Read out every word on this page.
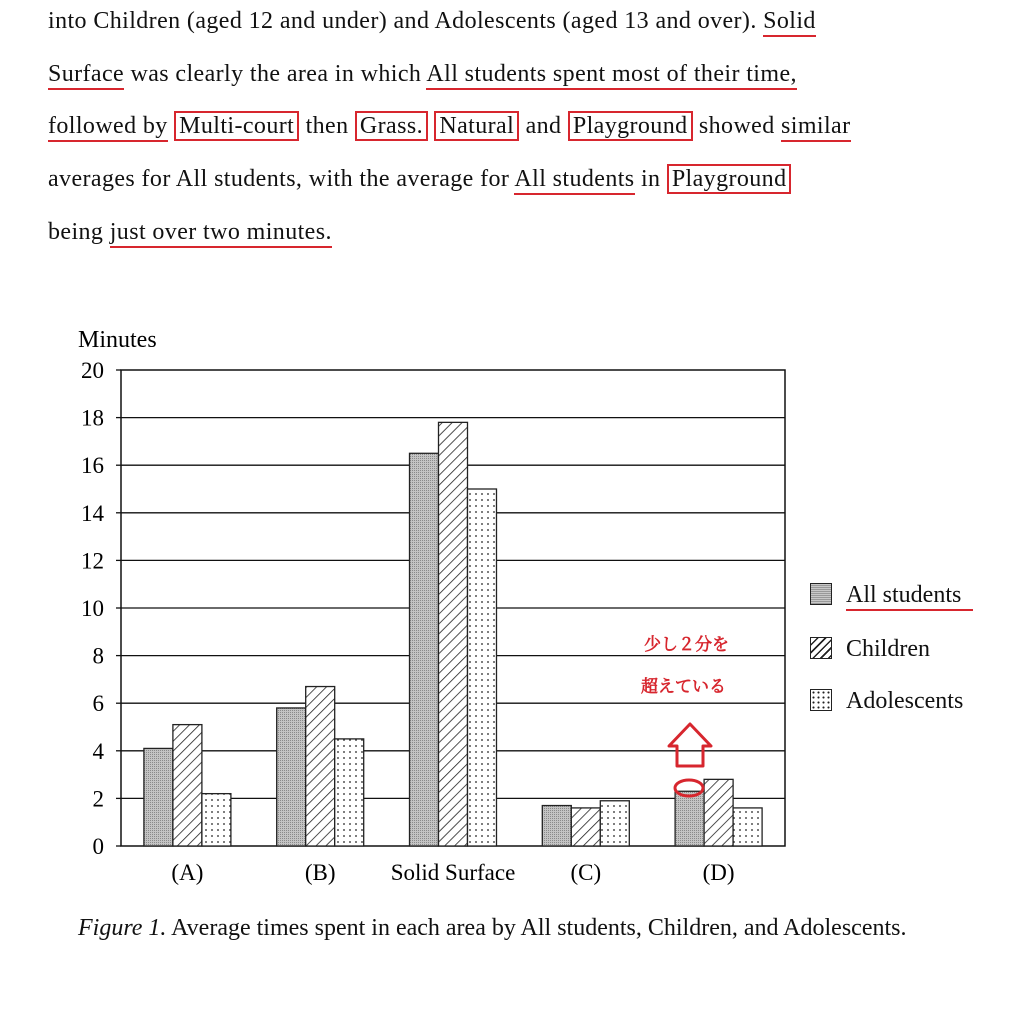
into Children (aged 12 and under) and Adolescents (aged 13 and over). Solid
Surface was clearly the area in which All students spent most of their time,
followed by Multi-court then Grass. Natural and Playground showed similar
averages for All students, with the average for All students in Playground
being just over two minutes.
Minutes
0
2
4
6
8
10
12
14
16
18
20
(A)	(B) Solid Surface (C)	(D)
All students
Children
Adolescents
少し２分を
超えている
Figure 1. Average times spent in each area by All students, Children, and Adolescents.
